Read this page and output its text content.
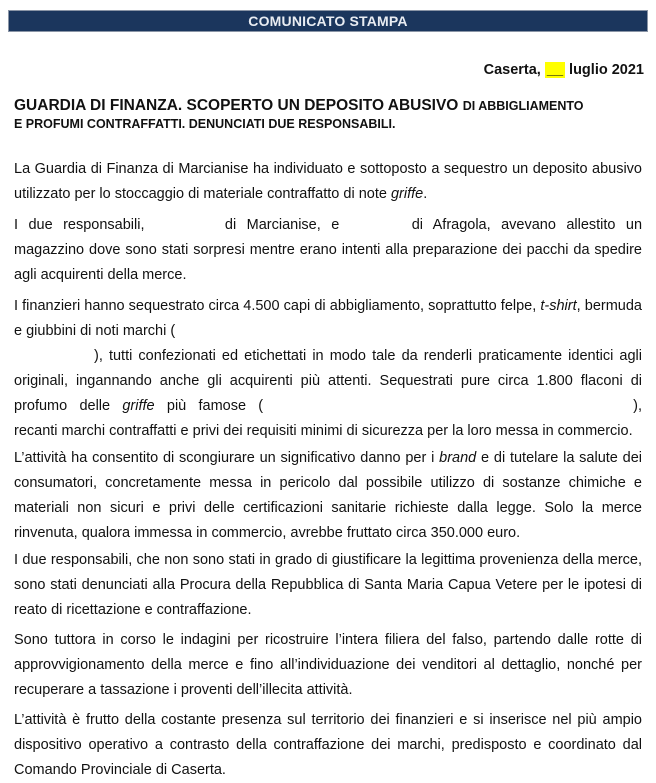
COMUNICATO STAMPA
Caserta, __ luglio 2021
GUARDIA DI FINANZA. SCOPERTO UN DEPOSITO ABUSIVO DI ABBIGLIAMENTO
E PROFUMI CONTRAFFATTI. DENUNCIATI DUE RESPONSABILI.
La Guardia di Finanza di Marcianise ha individuato e sottoposto a sequestro un deposito abusivo utilizzato per lo stoccaggio di materiale contraffatto di note griffe.
I due responsabili,	di Marcianise, e	di Afragola, avevano allestito un magazzino dove sono stati sorpresi mentre erano intenti alla preparazione dei pacchi da spedire agli acquirenti della merce.
I finanzieri hanno sequestrato circa 4.500 capi di abbigliamento, soprattutto felpe, t-shirt, bermuda e giubbini di noti marchi (
), tutti confezionati ed etichettati in modo tale da renderli praticamente identici agli originali, ingannando anche gli acquirenti più attenti. Sequestrati pure circa 1.800 flaconi di profumo delle griffe più famose (	), recanti marchi contraffatti e privi dei requisiti minimi di sicurezza per la loro messa in commercio.
L’attività ha consentito di scongiurare un significativo danno per i brand e di tutelare la salute dei consumatori, concretamente messa in pericolo dal possibile utilizzo di sostanze chimiche e materiali non sicuri e privi delle certificazioni sanitarie richieste dalla legge. Solo la merce rinvenuta, qualora immessa in commercio, avrebbe fruttato circa 350.000 euro.
I due responsabili, che non sono stati in grado di giustificare la legittima provenienza della merce, sono stati denunciati alla Procura della Repubblica di Santa Maria Capua Vetere per le ipotesi di reato di ricettazione e contraffazione.
Sono tuttora in corso le indagini per ricostruire l’intera filiera del falso, partendo dalle rotte di approvvigionamento della merce e fino all’individuazione dei venditori al dettaglio, nonché per recuperare a tassazione i proventi dell’illecita attività.
L’attività è frutto della costante presenza sul territorio dei finanzieri e si inserisce nel più ampio dispositivo operativo a contrasto della contraffazione dei marchi, predisposto e coordinato dal Comando Provinciale di Caserta.
